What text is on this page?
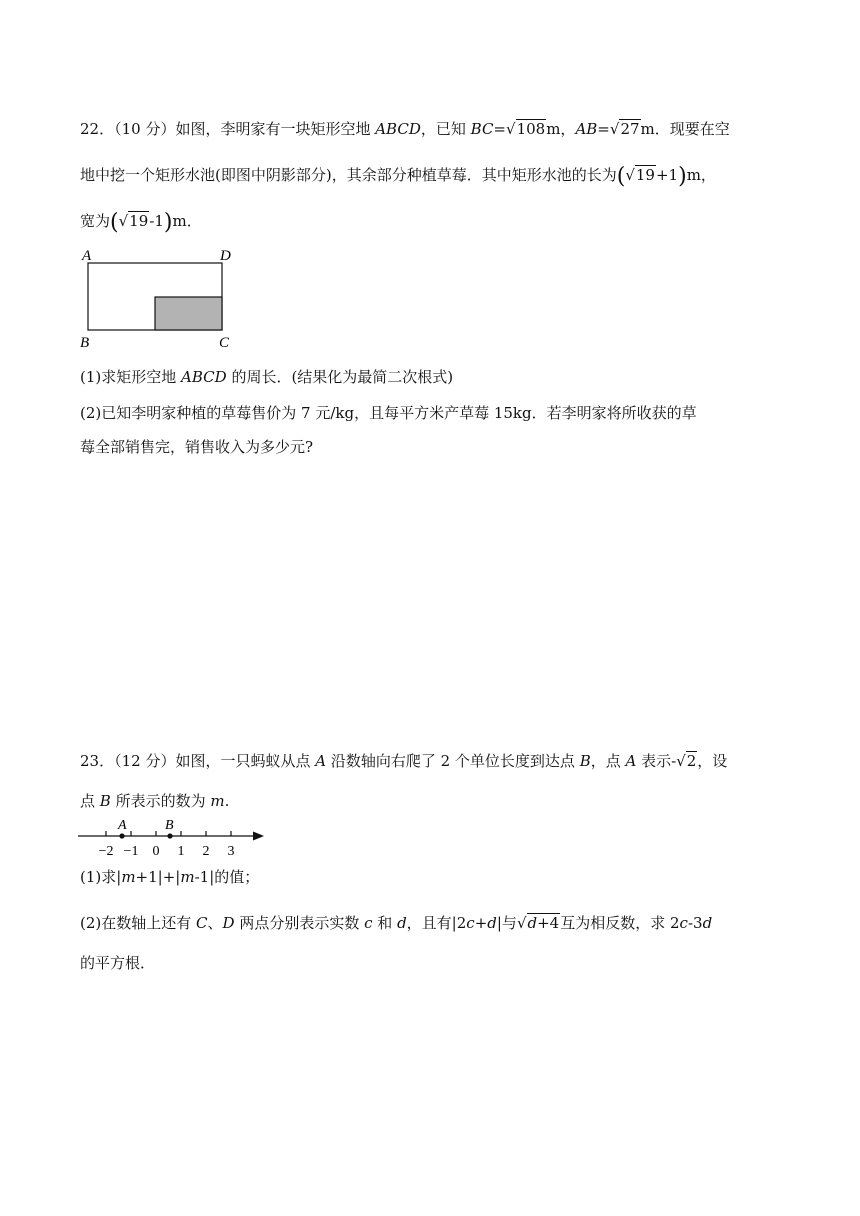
22．（10 分）如图，李明家有一块矩形空地 ABCD，已知 BC=√108m，AB=√27m．现要在空
地中挖一个矩形水池(即图中阴影部分)，其余部分种植草莓．其中矩形水池的长为(√19+1)m，
宽为(√19-1)m．
A	D
B	C
(1)求矩形空地 ABCD 的周长．(结果化为最简二次根式)
(2)已知李明家种植的草莓售价为 7 元/kg，且每平方米产草莓 15kg．若李明家将所收获的草
莓全部销售完，销售收入为多少元?
23．（12 分）如图，一只蚂蚁从点 A 沿数轴向右爬了 2 个单位长度到达点 B，点 A 表示-√2，设
点 B 所表示的数为 m.
−2 −1 0 1 2 3
A	B
(1)求|m+1|+|m-1|的值；
(2)在数轴上还有 C、D 两点分别表示实数 c 和 d，且有|2c+d|与√d+4互为相反数，求 2c-3d
的平方根．
